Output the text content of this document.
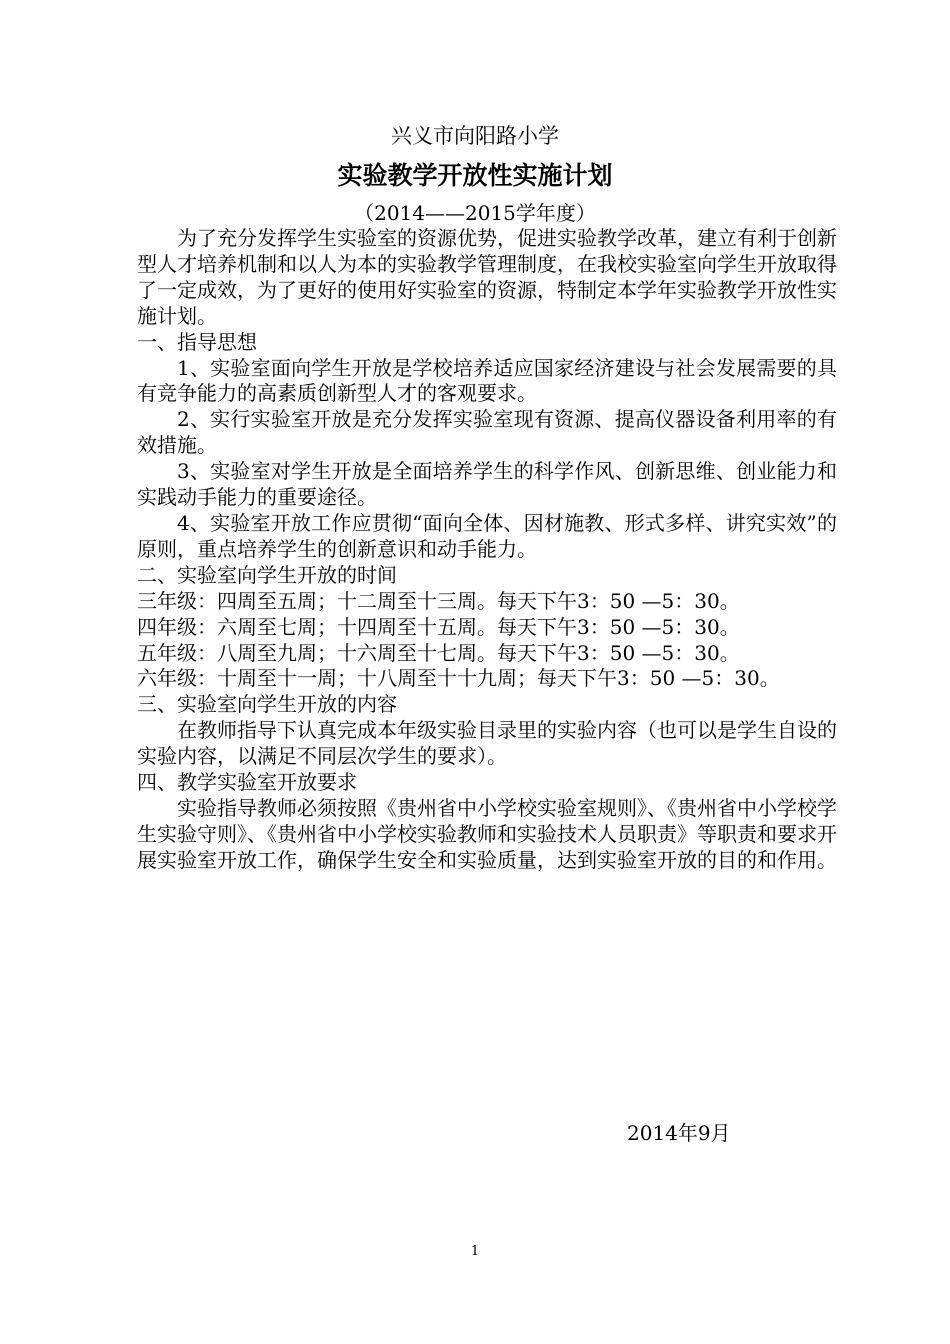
兴义市向阳路小学
实验教学开放性实施计划
（2014——2015学年度）

为了充分发挥学生实验室的资源优势，促进实验教学改革，建立有利于创新型人才培养机制和以人为本的实验教学管理制度，在我校实验室向学生开放取得了一定成效，为了更好的使用好实验室的资源，特制定本学年实验教学开放性实施计划。

一、指导思想

1、实验室面向学生开放是学校培养适应国家经济建设与社会发展需要的具有竞争能力的高素质创新型人才的客观要求。

2、实行实验室开放是充分发挥实验室现有资源、提高仪器设备利用率的有效措施。

3、实验室对学生开放是全面培养学生的科学作风、创新思维、创业能力和实践动手能力的重要途径。

4、实验室开放工作应贯彻“面向全体、因材施教、形式多样、讲究实效”的原则，重点培养学生的创新意识和动手能力。

二、实验室向学生开放的时间

三年级：四周至五周；十二周至十三周。每天下午3：50 —5：30。

四年级：六周至七周；十四周至十五周。每天下午3：50 —5：30。

五年级：八周至九周；十六周至十七周。每天下午3：50 —5：30。

六年级：十周至十一周；十八周至十十九周；每天下午3：50 —5：30。

三、实验室向学生开放的内容

在教师指导下认真完成本年级实验目录里的实验内容（也可以是学生自设的实验内容，以满足不同层次学生的要求）。

四、教学实验室开放要求

实验指导教师必须按照《贵州省中小学校实验室规则》、《贵州省中小学校学生实验守则》、《贵州省中小学校实验教师和实验技术人员职责》等职责和要求开展实验室开放工作，确保学生安全和实验质量，达到实验室开放的目的和作用。

2014年9月
1
